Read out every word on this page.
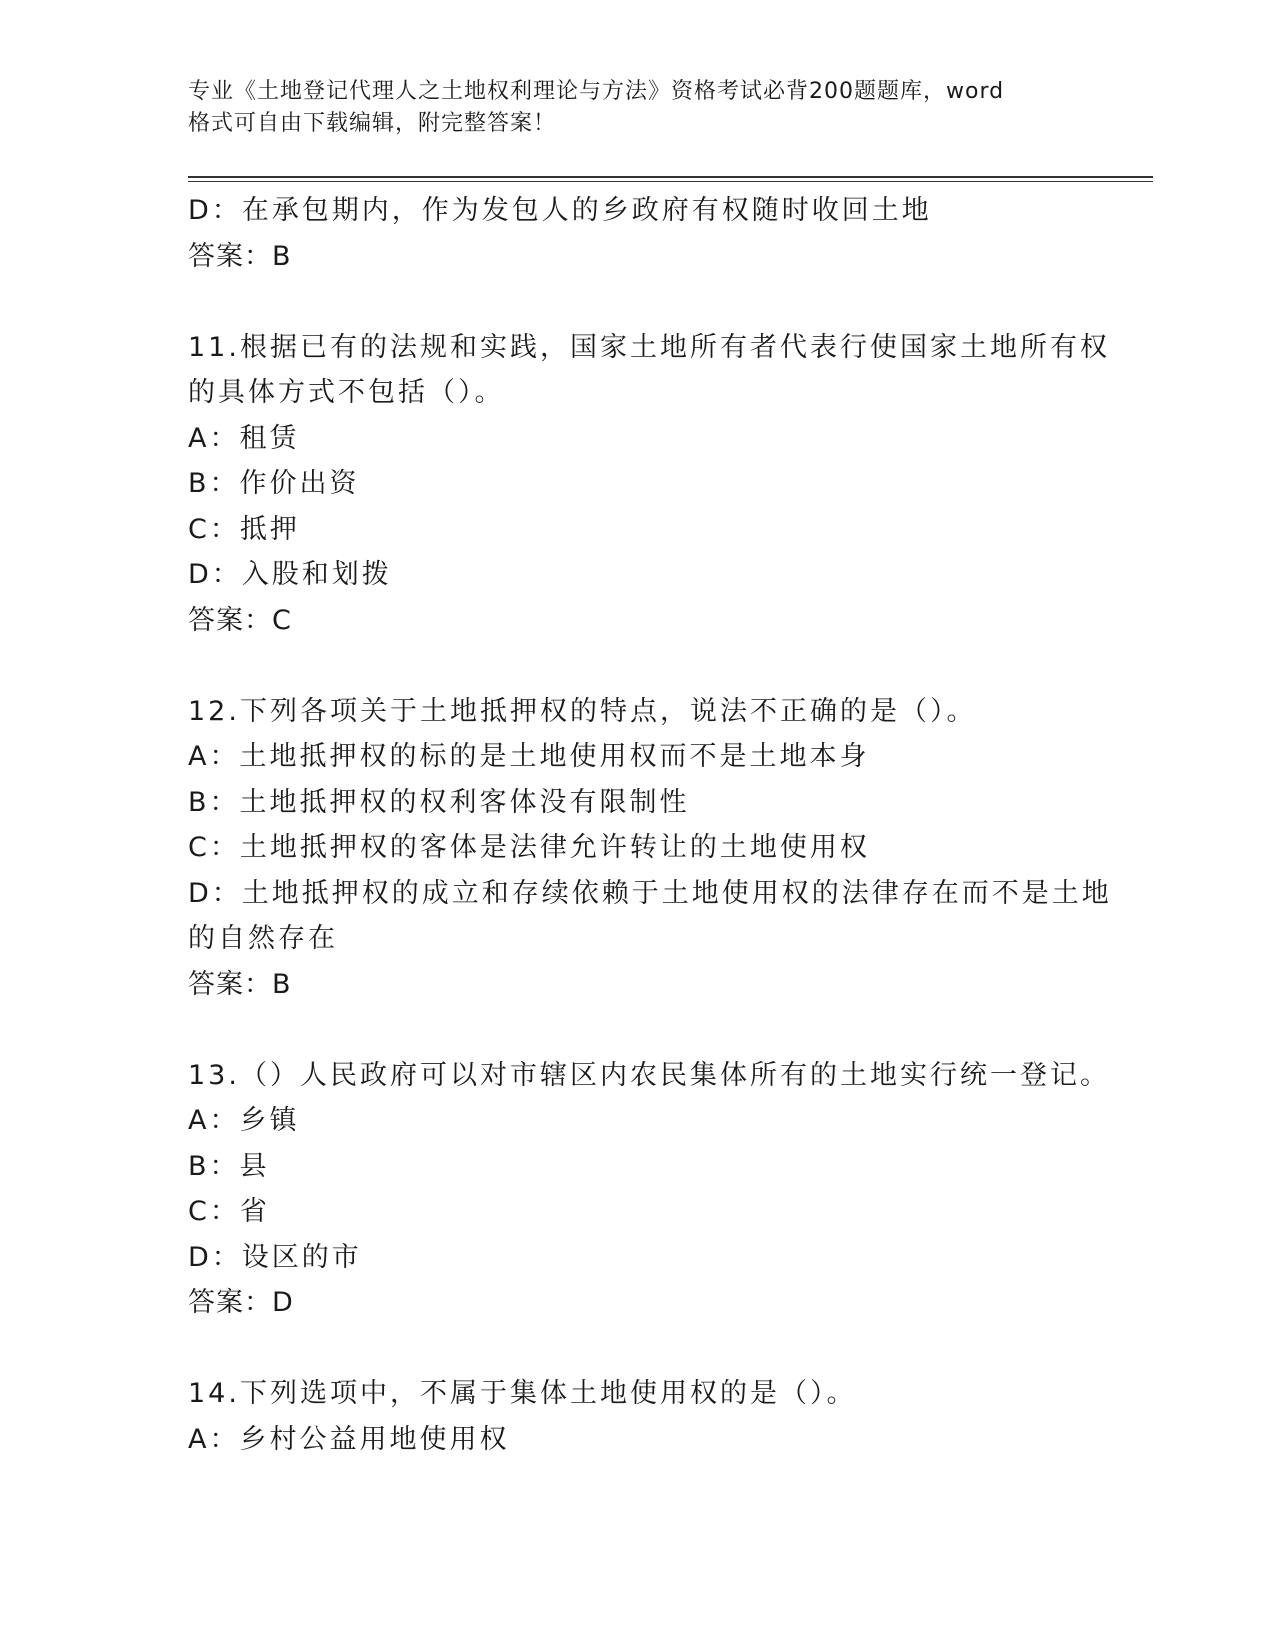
专业《土地登记代理人之土地权利理论与方法》资格考试必背200题题库，word
格式可自由下载编辑，附完整答案！

D：在承包期内，作为发包人的乡政府有权随时收回土地

答案：B

11.根据已有的法规和实践，国家土地所有者代表行使国家土地所有权

的具体方式不包括（）。

A：租赁

B：作价出资

C：抵押

D：入股和划拨

答案：C

12.下列各项关于土地抵押权的特点，说法不正确的是（）。

A：土地抵押权的标的是土地使用权而不是土地本身

B：土地抵押权的权利客体没有限制性

C：土地抵押权的客体是法律允许转让的土地使用权

D：土地抵押权的成立和存续依赖于土地使用权的法律存在而不是土地

的自然存在

答案：B

13.（）人民政府可以对市辖区内农民集体所有的土地实行统一登记。

A：乡镇

B：县

C：省

D：设区的市

答案：D

14.下列选项中，不属于集体土地使用权的是（）。

A：乡村公益用地使用权
